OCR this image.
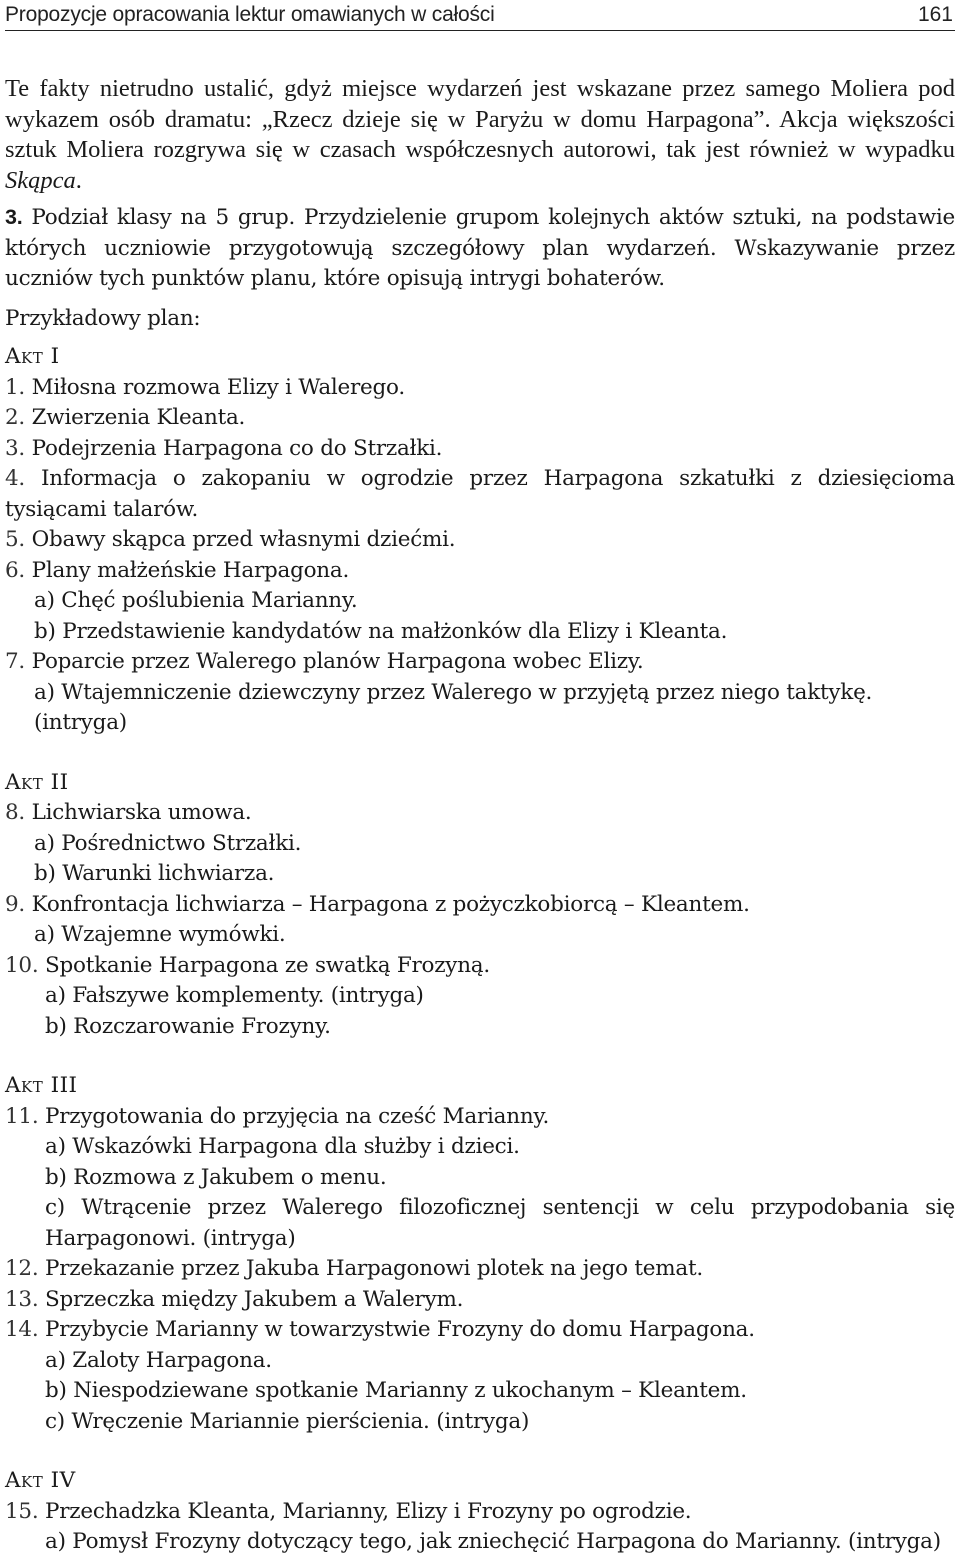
Propozycje opracowania lektur omawianych w całości	161

Te fakty nietrudno ustalić, gdyż miejsce wydarzeń jest wskazane przez samego Moliera pod wykazem osób dramatu: „Rzecz dzieje się w Paryżu w domu Harpagona”. Akcja większości sztuk Moliera rozgrywa się w czasach współczesnych autorowi, tak jest również w wypadku Skąpca.

3. Podział klasy na 5 grup. Przydzielenie grupom kolejnych aktów sztuki, na podstawie których uczniowie przygotowują szczegółowy plan wydarzeń. Wskazywanie przez uczniów tych punktów planu, które opisują intrygi bohaterów.

Przykładowy plan:
Akt I
1. Miłosna rozmowa Elizy i Walerego.
2. Zwierzenia Kleanta.
3. Podejrzenia Harpagona co do Strzałki.
4. Informacja o zakopaniu w ogrodzie przez Harpagona szkatułki z dziesięcioma tysiącami talarów.
5. Obawy skąpca przed własnymi dziećmi.
6. Plany małżeńskie Harpagona.
a) Chęć poślubienia Marianny.
b) Przedstawienie kandydatów na małżonków dla Elizy i Kleanta.
7. Poparcie przez Walerego planów Harpagona wobec Elizy.
a) Wtajemniczenie dziewczyny przez Walerego w przyjętą przez niego taktykę. (intryga)
Akt II
8. Lichwiarska umowa.
a) Pośrednictwo Strzałki.
b) Warunki lichwiarza.
9. Konfrontacja lichwiarza – Harpagona z pożyczkobiorcą – Kleantem.
a) Wzajemne wymówki.
10. Spotkanie Harpagona ze swatką Frozyną.
a) Fałszywe komplementy. (intryga)
b) Rozczarowanie Frozyny.
Akt III
11. Przygotowania do przyjęcia na cześć Marianny.
a) Wskazówki Harpagona dla służby i dzieci.
b) Rozmowa z Jakubem o menu.
c) Wtrącenie przez Walerego filozoficznej sentencji w celu przypodobania się Harpagonowi. (intryga)
12. Przekazanie przez Jakuba Harpagonowi plotek na jego temat.
13. Sprzeczka między Jakubem a Walerym.
14. Przybycie Marianny w towarzystwie Frozyny do domu Harpagona.
a) Zaloty Harpagona.
b) Niespodziewane spotkanie Marianny z ukochanym – Kleantem.
c) Wręczenie Mariannie pierścienia. (intryga)
Akt IV
15. Przechadzka Kleanta, Marianny, Elizy i Frozyny po ogrodzie.
a) Pomysł Frozyny dotyczący tego, jak zniechęcić Harpagona do Marianny. (intryga)
